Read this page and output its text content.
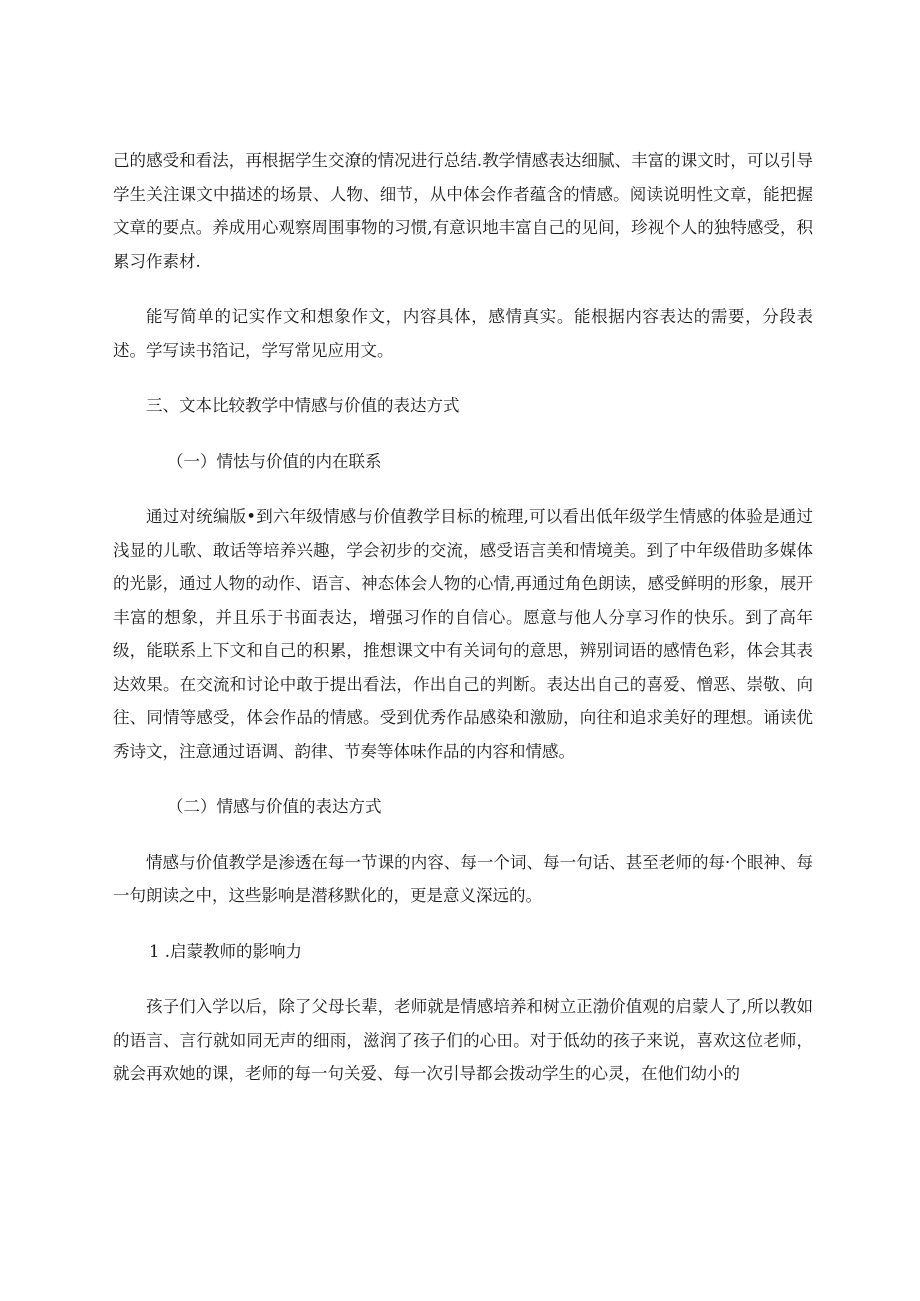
己的感受和看法，再根据学生交潦的情况进行总结.教学情感表达细腻、丰富的课文时，可以引导学生关注课文中描述的场景、人物、细节，从中体会作者蕴含的情感。阅读说明性文章，能把握文章的要点。养成用心观察周围事物的习惯,有意识地丰富自己的见间，珍视个人的独特感受，积累习作素材.

能写简单的记实作文和想象作文，内容具体，感情真实。能根据内容表达的需要，分段表述。学写读书箔记，学写常见应用文。

三、文本比较教学中情感与价值的表达方式

（一）情怯与价值的内在联系

通过对统编版•到六年级情感与价值教学目标的梳理,可以看出低年级学生情感的体验是通过浅显的儿歌、敢话等培养兴趣，学会初步的交流，感受语言美和情境美。到了中年级借助多媒体的光影，通过人物的动作、语言、神态体会人物的心情,再通过角色朗读，感受鲜明的形象，展开丰富的想象，并且乐于书面表达，增强习作的自信心。愿意与他人分享习作的快乐。到了高年级，能联系上下文和自己的积累，推想课文中有关词句的意思，辨别词语的感情色彩，体会其表达效果。在交流和讨论中敢于提出看法，作出自己的判断。表达出自己的喜爱、憎恶、崇敬、向往、同情等感受，体会作品的情感。受到优秀作品感染和激励，向往和追求美好的理想。诵读优秀诗文，注意通过语调、韵律、节奏等体味作品的内容和情感。

（二）情感与价值的表达方式

情感与价值教学是渗透在每一节课的内容、每一个词、每一句话、甚至老师的每·个眼神、每一句朗读之中，这些影响是潜移默化的，更是意义深远的。

1 .启蒙教师的影响力

孩子们入学以后，除了父母长辈，老师就是情感培养和树立正渤价值观的启蒙人了,所以教如的语言、言行就如同无声的细雨，滋润了孩子们的心田。对于低幼的孩子来说，喜欢这位老师，就会再欢她的课，老师的每一句关爱、每一次引导都会拨动学生的心灵，在他们幼小的
